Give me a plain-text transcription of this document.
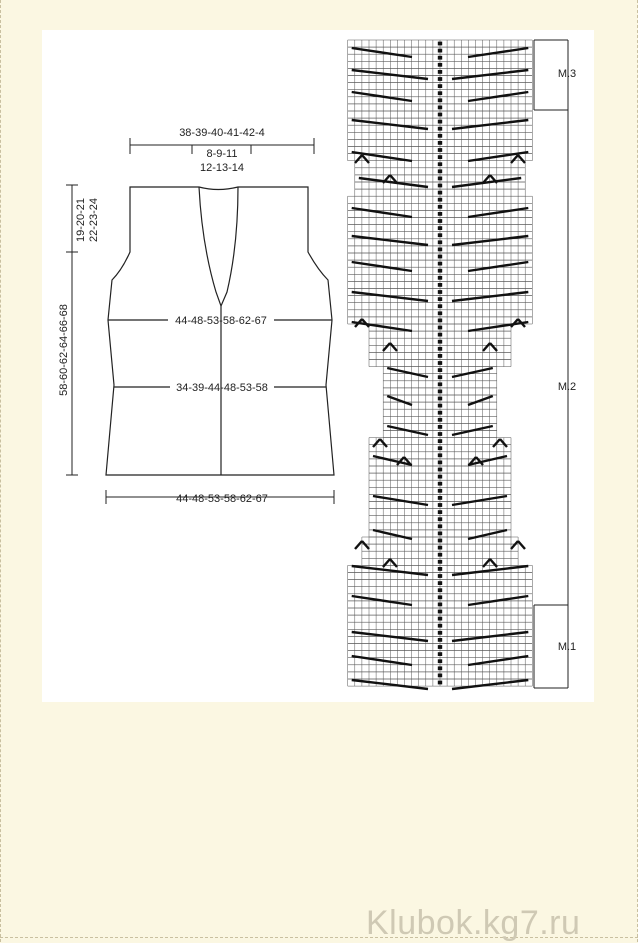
38-39-40-41-42-4
8-9-11
12-13-14
19-20-21 22-23-24
58-60-62-64-66-68	44-48-53-58-62-67
34-39-44-48-53-58
44-48-53-58-62-67
M.3
M.2
M.1
Klubok.kg7.ru
